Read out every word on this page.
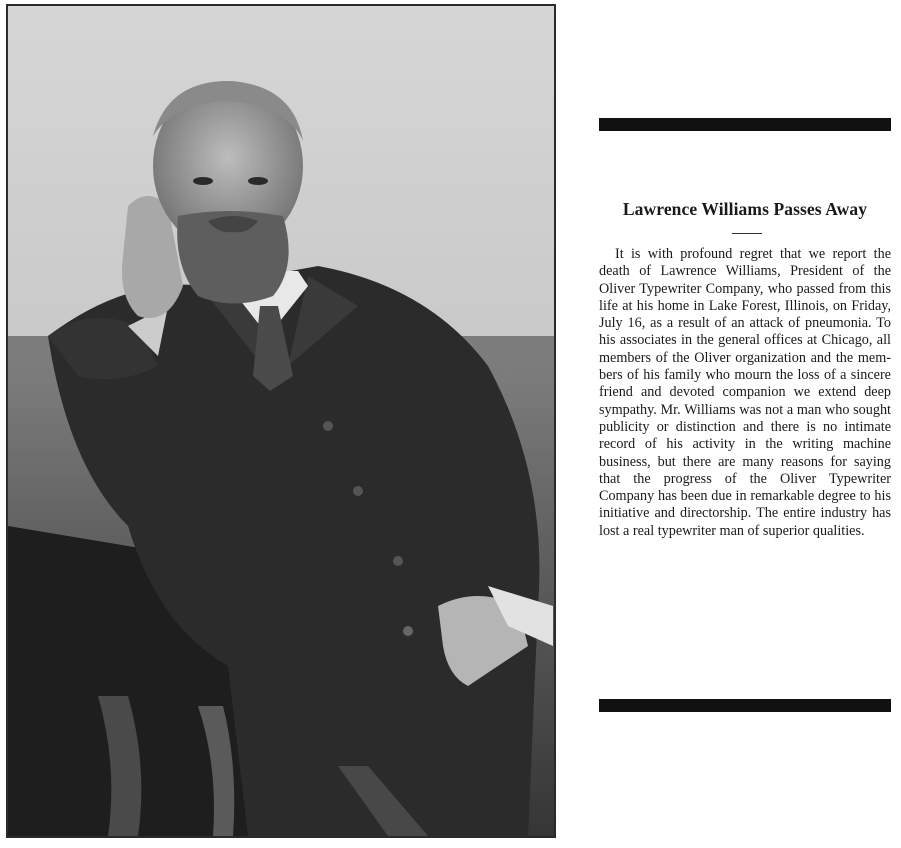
Lawrence Williams Passes Away

It is with profound regret that we report the death of Lawrence Williams, President of the Oliver Typewriter Company, who passed from this life at his home in Lake Forest, Illinois, on Friday, July 16, as a result of an attack of pneumonia. To his associates in the general offices at Chicago, all members of the Oliver organization and the members of his family who mourn the loss of a sincere friend and devoted companion we extend deep sympathy. Mr. Williams was not a man who sought publicity or distinction and there is no intimate record of his activity in the writing machine business, but there are many reasons for saying that the progress of the Oliver Typewriter Company has been due in remarkable degree to his initiative and directorship. The entire industry has lost a real typewriter man of superior qualities.
